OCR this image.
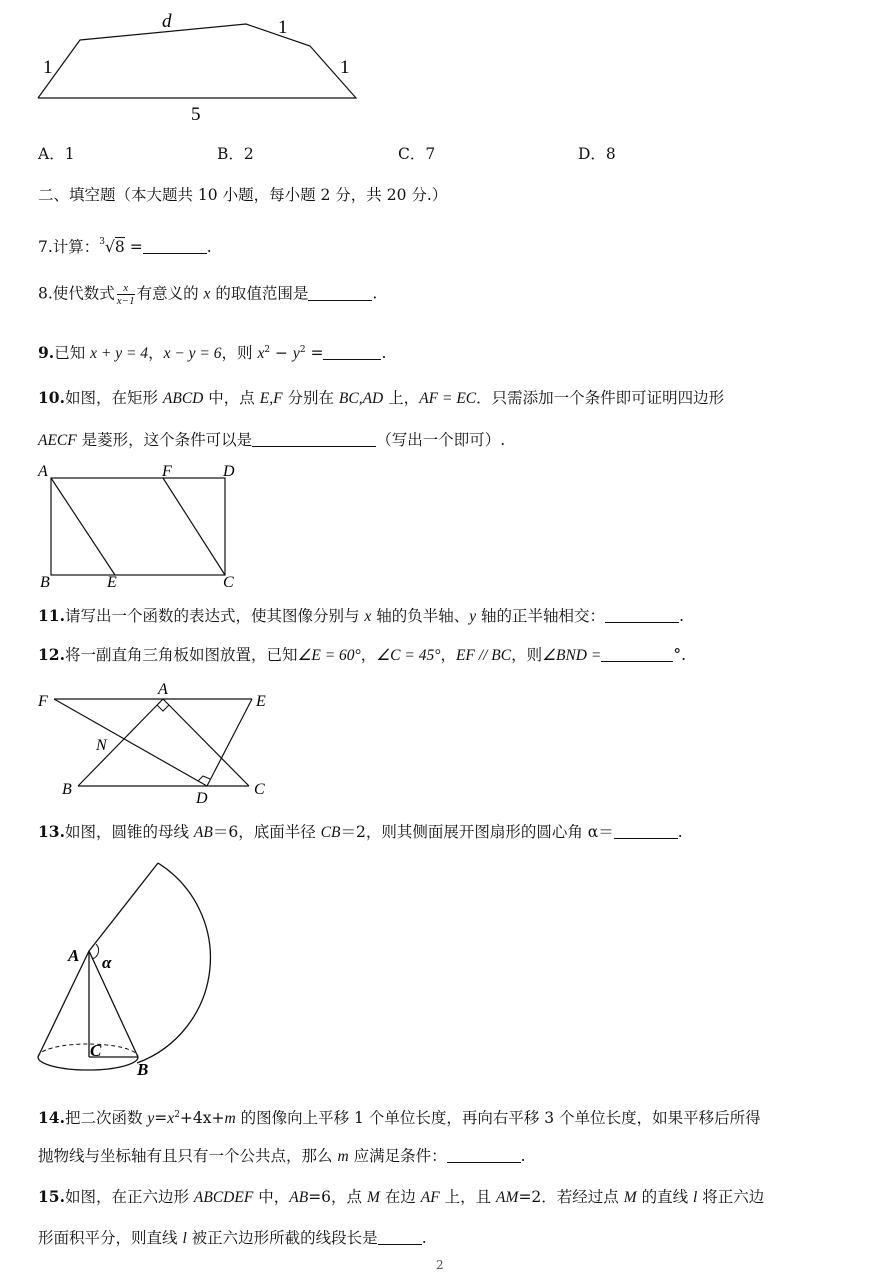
d	1
1	1
5
A．1	B．2	C．7	D．8
二、填空题（本大题共 10 小题，每小题 2 分，共 20 分.）
7.计算：$^3$√8 =	.
8.使代数式 $\frac{x}{x-1}$ 有意义的 x 的取值范围是	.
9.已知 x + y = 4，x − y = 6，则 $x^2 - y^2$ =	.
10.如图，在矩形 ABCD 中，点 E,F 分别在 BC,AD 上，AF = EC．只需添加一个条件即可证明四边形
AECF 是菱形，这个条件可以是	（写出一个即可）.
A	F	D
B	E	C
11.请写出一个函数的表达式，使其图像分别与 x 轴的负半轴、y 轴的正半轴相交：	.
12.将一副直角三角板如图放置，已知∠E = 60°，∠C = 45°，EF // BC，则∠BND =	°.
F
A
E
N
B
D
C
13.如图，圆锥的母线 AB＝6，底面半径 CB＝2，则其侧面展开图扇形的圆心角 α＝	.
A α
C
B
14.把二次函数 $y=x^2+4x+m$ 的图像向上平移 1 个单位长度，再向右平移 3 个单位长度，如果平移后所得
抛物线与坐标轴有且只有一个公共点，那么 m 应满足条件：	.
15.如图，在正六边形 ABCDEF 中，AB=6，点 M 在边 AF 上，且 AM=2．若经过点 M 的直线 l 将正六边
形面积平分，则直线 l 被正六边形所截的线段长是	.
2
